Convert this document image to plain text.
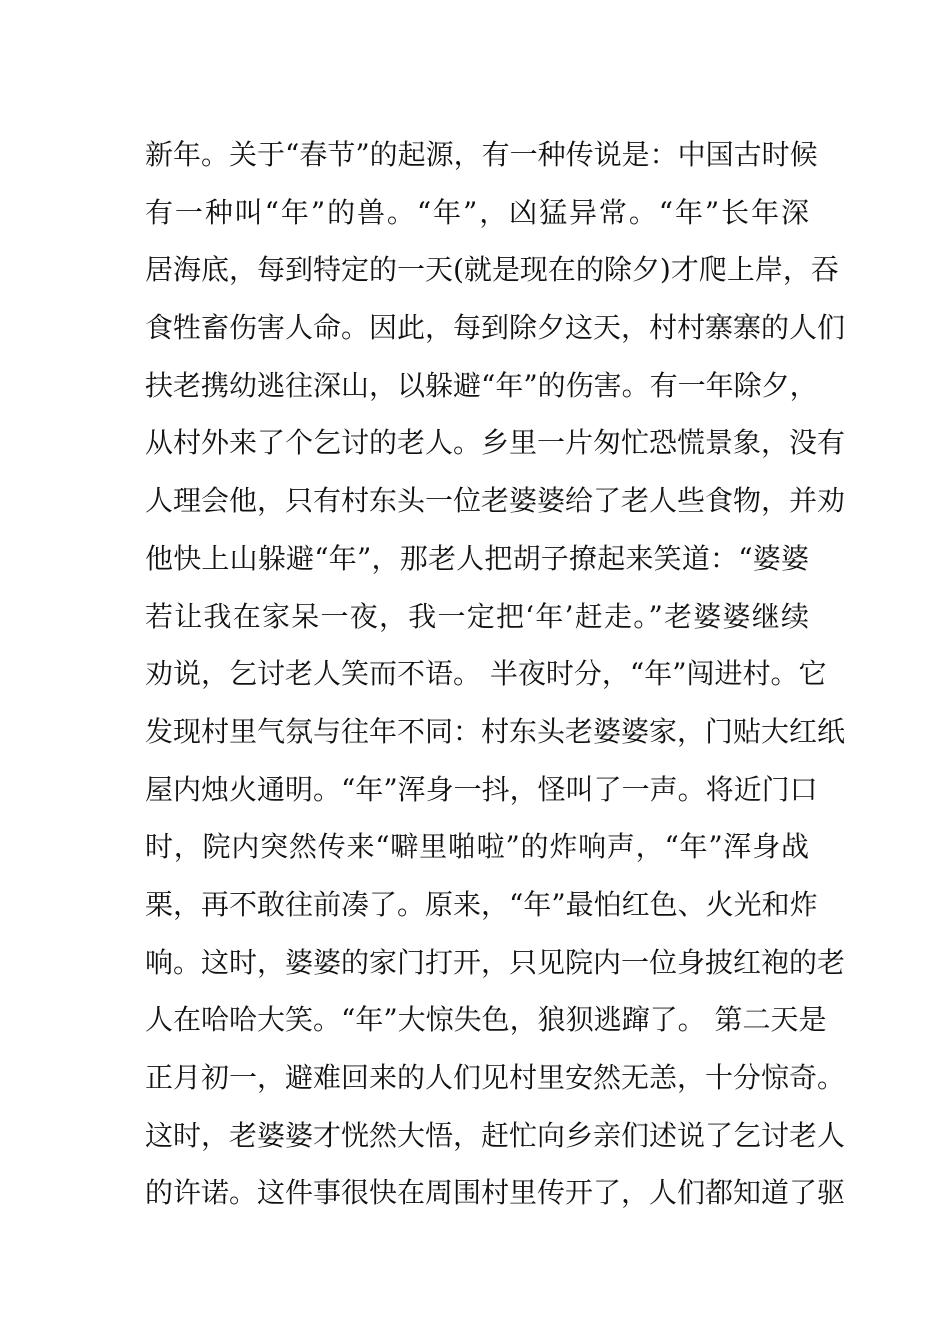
新年。关于“春节”的起源，有一种传说是：中国古时候
有一种叫“年”的兽。“年”，凶猛异常。“年”长年深
居海底，每到特定的一天(就是现在的除夕)才爬上岸，吞
食牲畜伤害人命。因此，每到除夕这天，村村寨寨的人们
扶老携幼逃往深山，以躲避“年”的伤害。有一年除夕，
从村外来了个乞讨的老人。乡里一片匆忙恐慌景象，没有
人理会他，只有村东头一位老婆婆给了老人些食物，并劝
他快上山躲避“年”，那老人把胡子撩起来笑道：“婆婆
若让我在家呆一夜，我一定把‘年’赶走。”老婆婆继续
劝说，乞讨老人笑而不语。 半夜时分，“年”闯进村。它
发现村里气氛与往年不同：村东头老婆婆家，门贴大红纸
屋内烛火通明。“年”浑身一抖，怪叫了一声。将近门口
时，院内突然传来“噼里啪啦”的炸响声，“年”浑身战
栗，再不敢往前凑了。原来，“年”最怕红色、火光和炸
响。这时，婆婆的家门打开，只见院内一位身披红袍的老
人在哈哈大笑。“年”大惊失色，狼狈逃蹿了。 第二天是
正月初一，避难回来的人们见村里安然无恙，十分惊奇。
这时，老婆婆才恍然大悟，赶忙向乡亲们述说了乞讨老人
的许诺。这件事很快在周围村里传开了，人们都知道了驱
